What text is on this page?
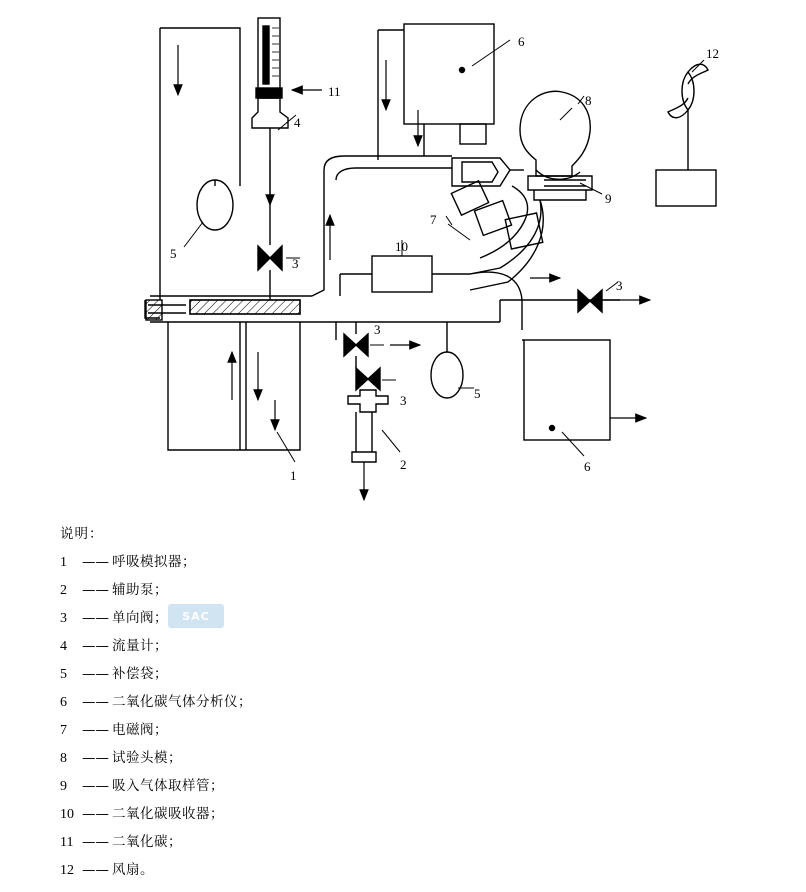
1
2
3
3
3
3
4
5
5
6
6
7
8
9
10
11
12
SAC
说明：
1	—— 呼吸模拟器；
2	—— 辅助泵；
3	—— 单向阀；
4	—— 流量计；
5	—— 补偿袋；
6	—— 二氧化碳气体分析仪；
7	—— 电磁阀；
8	—— 试验头模；
9	—— 吸入气体取样管；
10 —— 二氧化碳吸收器；
11 —— 二氧化碳；
12 —— 风扇。
